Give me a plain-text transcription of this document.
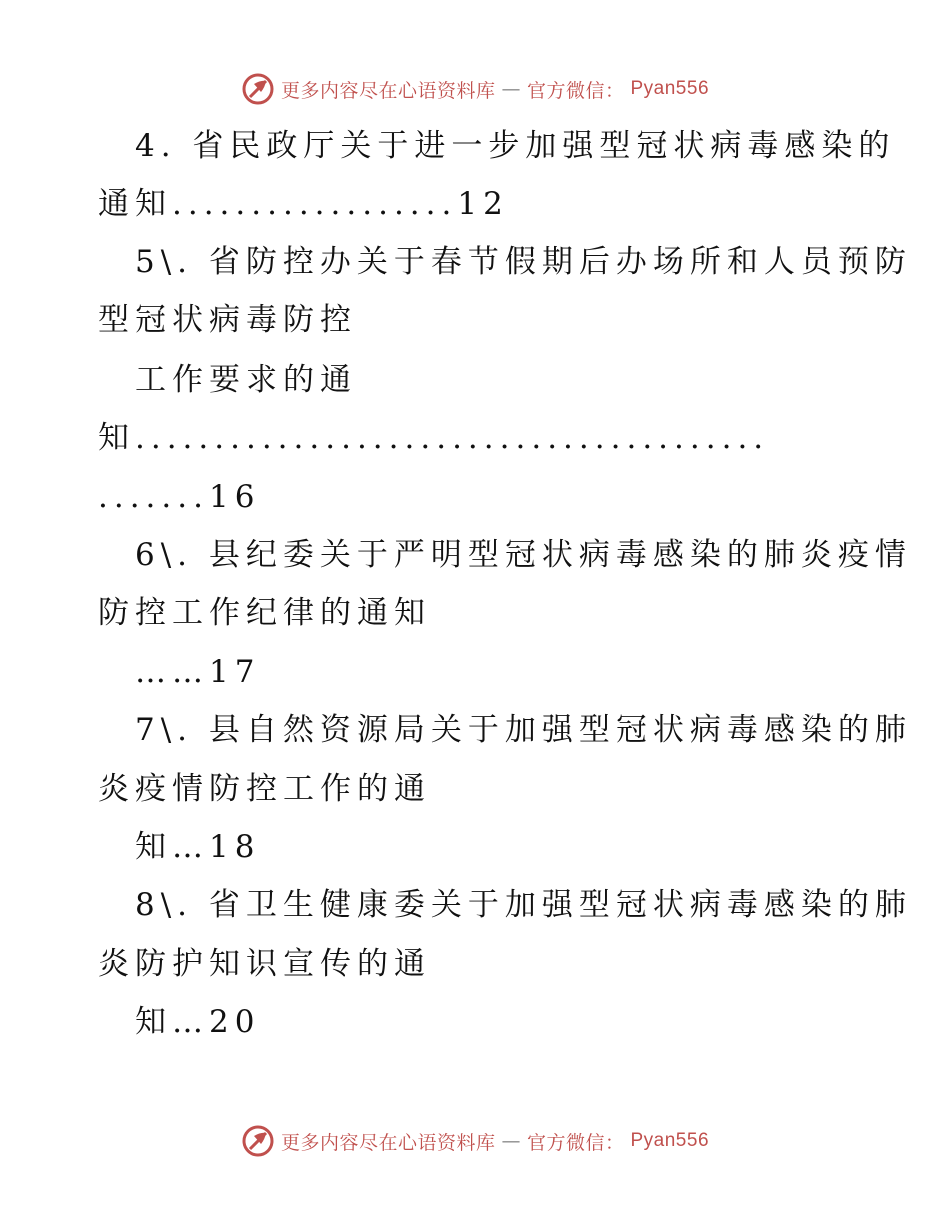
更多内容尽在心语资料库 — 官方微信： Pyan556
4. 省民政厅关于进一步加强型冠状病毒感染的
通知..................12
5\. 省防控办关于春节假期后办场所和人员预防
型冠状病毒防控
工作要求的通
知........................................
.......16
6\. 县纪委关于严明型冠状病毒感染的肺炎疫情
防控工作纪律的通知
……17
7\. 县自然资源局关于加强型冠状病毒感染的肺
炎疫情防控工作的通
知…18
8\. 省卫生健康委关于加强型冠状病毒感染的肺
炎防护知识宣传的通
知…20
更多内容尽在心语资料库 — 官方微信： Pyan556
